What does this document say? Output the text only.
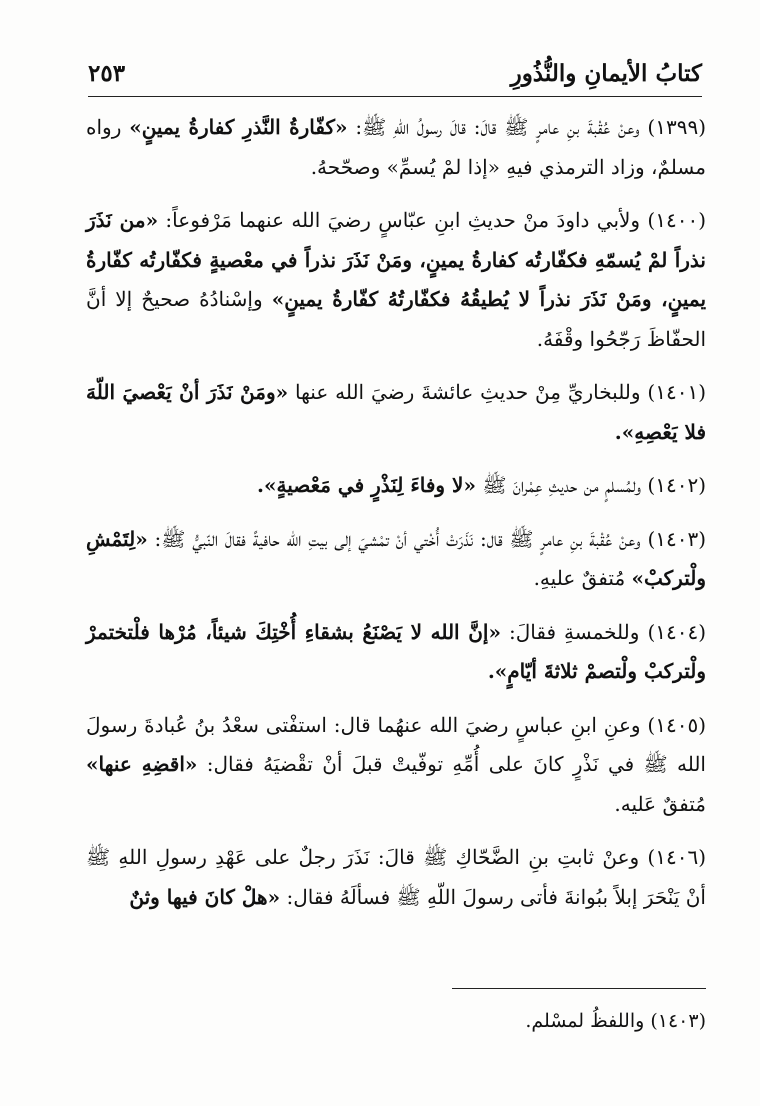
كتابُ الأيمانِ والنُّذُورِ
٢٥٣

(١٣٩٩) وعنْ عُقْبةَ بنِ عامرٍ ﷺ قالَ: قالَ رسولُ اللهِ ﷺ: «كفّارةُ النَّذرِ كفارةُ يمينٍ» رواه مسلمٌ، وزاد الترمذي فيهِ «إذا لمْ يُسمِّ» وصحّحهُ.

(١٤٠٠) ولأبي داودَ منْ حديثِ ابنِ عبّاسٍ رضيَ الله عنهما مَرْفوعاً: «من نَذَرَ نذراً لمْ يُسمّهِ فكفّارتُه كفارةُ يمينٍ، ومَنْ نَذَرَ نذراً في معْصيةٍ فكفّارتُه كفّارةُ يمينٍ، ومَنْ نَذَرَ نذراً لا يُطيقُهُ فكفّارتُهُ كفّارةُ يمينٍ» وإسْنادُهُ صحيحٌ إلا أنَّ الحفّاظَ رَجّحُوا وقْفَهُ.

(١٤٠١) وللبخاريِّ مِنْ حديثِ عائشةَ رضيَ الله عنها «ومَنْ نَذَرَ أنْ يَعْصيَ اللّهَ فلا يَعْصِهِ».

(١٤٠٢) ولمُسلمٍ من حديثِ عِمْرانَ ﷺ «لا وفاءَ لِنَذْرٍ في مَعْصيةٍ».

(١٤٠٣) وعنْ عُقْبةَ بنِ عامرٍ ﷺ قال: نَذَرَتْ أُخْتي أنْ تمْشيَ إلى بيتِ الله حافيةً فقالَ النّبيُّ ﷺ: «لِتَمْشِ ولْتركبْ» مُتفقٌ عليهِ.

(١٤٠٤) وللخمسةِ فقالَ: «إنَّ الله لا يَصْنَعُ بشقاءِ أُخْتِكَ شيئاً، مُرْها فلْتختمرْ ولْتركبْ ولْتصمْ ثلاثةَ أيّامٍ».

(١٤٠٥) وعنِ ابنِ عباسٍ رضيَ الله عنهُما قال: استفْتى سعْدُ بنُ عُبادةَ رسولَ الله ﷺ في نَذْرٍ كانَ على أُمِّهِ توفّيتْ قبلَ أنْ تقْضيَهُ فقال: «اقضِهِ عنها» مُتفقٌ عَليه.

(١٤٠٦) وعنْ ثابتِ بنِ الضَّحّاكِ ﷺ قالَ: نَذَرَ رجلٌ على عَهْدِ رسولِ اللهِ ﷺ أنْ يَنْحَرَ إبلاً ببُوانةَ فأتى رسولَ اللّهِ ﷺ فسألَهُ فقال: «هلْ كانَ فيها وثنٌ

(١٤٠٣) واللفظُ لمسْلم.
